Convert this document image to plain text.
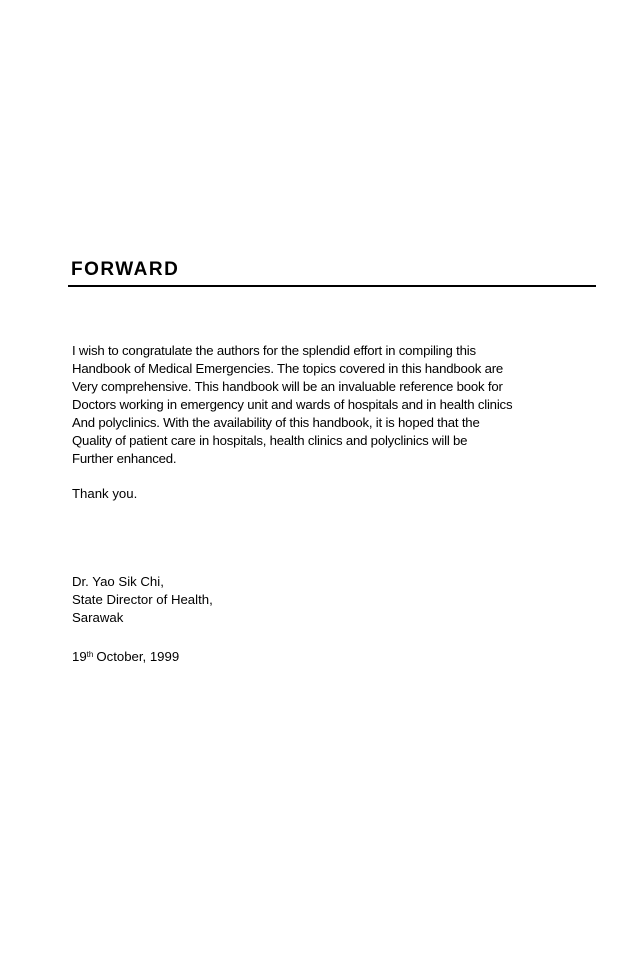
FORWARD
I wish to congratulate the authors for the splendid effort in compiling this
Handbook of Medical Emergencies. The topics covered in this handbook are
Very comprehensive. This handbook will be an invaluable reference book for
Doctors working in emergency unit and wards of hospitals and in health clinics
And polyclinics. With the availability of this handbook, it is hoped that the
Quality of patient care in hospitals, health clinics and polyclinics will be
Further enhanced.
Thank you.
Dr. Yao Sik Chi,
State Director of Health,
Sarawak
19th October, 1999
